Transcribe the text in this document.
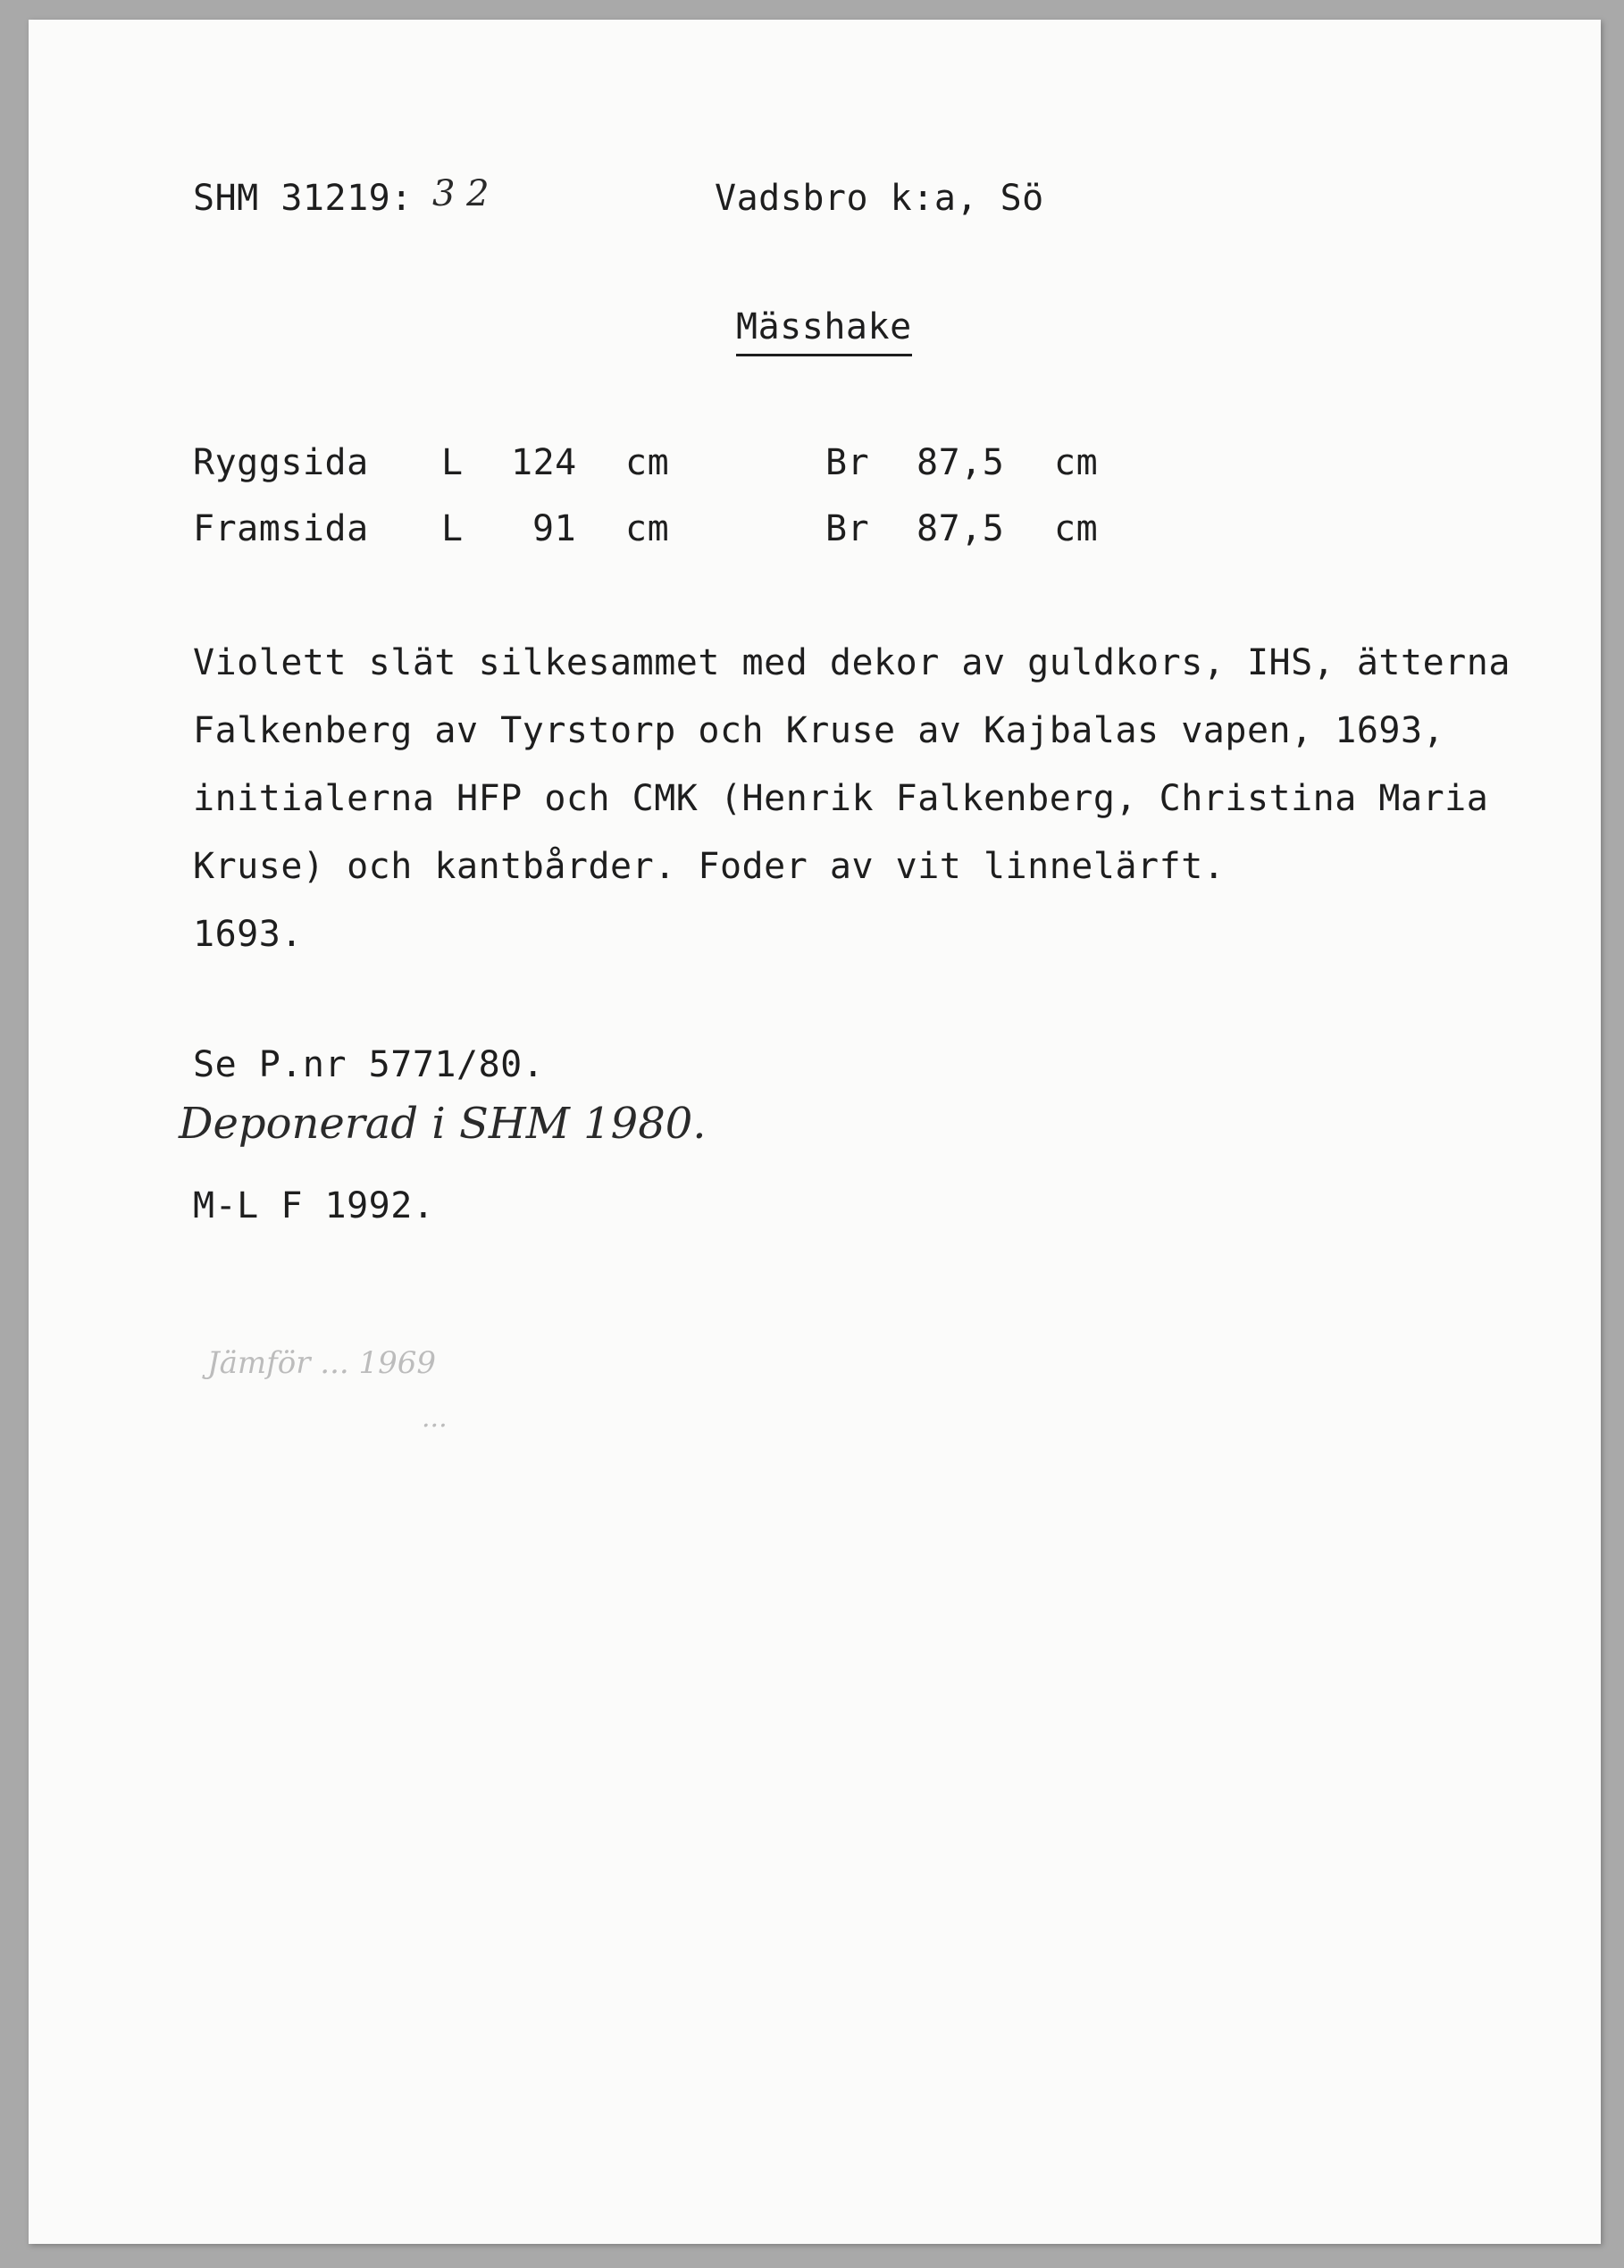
SHM 31219: 3 2	Vadsbro k:a, Sö
Mässhake
Ryggsida L 124 cm	Br 87,5 cm
Framsida L 91 cm	Br 87,5 cm
Violett slät silkesammet med dekor av guldkors, IHS, ätterna
Falkenberg av Tyrstorp och Kruse av Kajbalas vapen, 1693,
initialerna HFP och CMK (Henrik Falkenberg, Christina Maria
Kruse) och kantbårder. Foder av vit linnelärft.
1693.
Se P.nr 5771/80.
Deponerad i SHM 1980.
M-L F 1992.
Jämför ... 1969
...
